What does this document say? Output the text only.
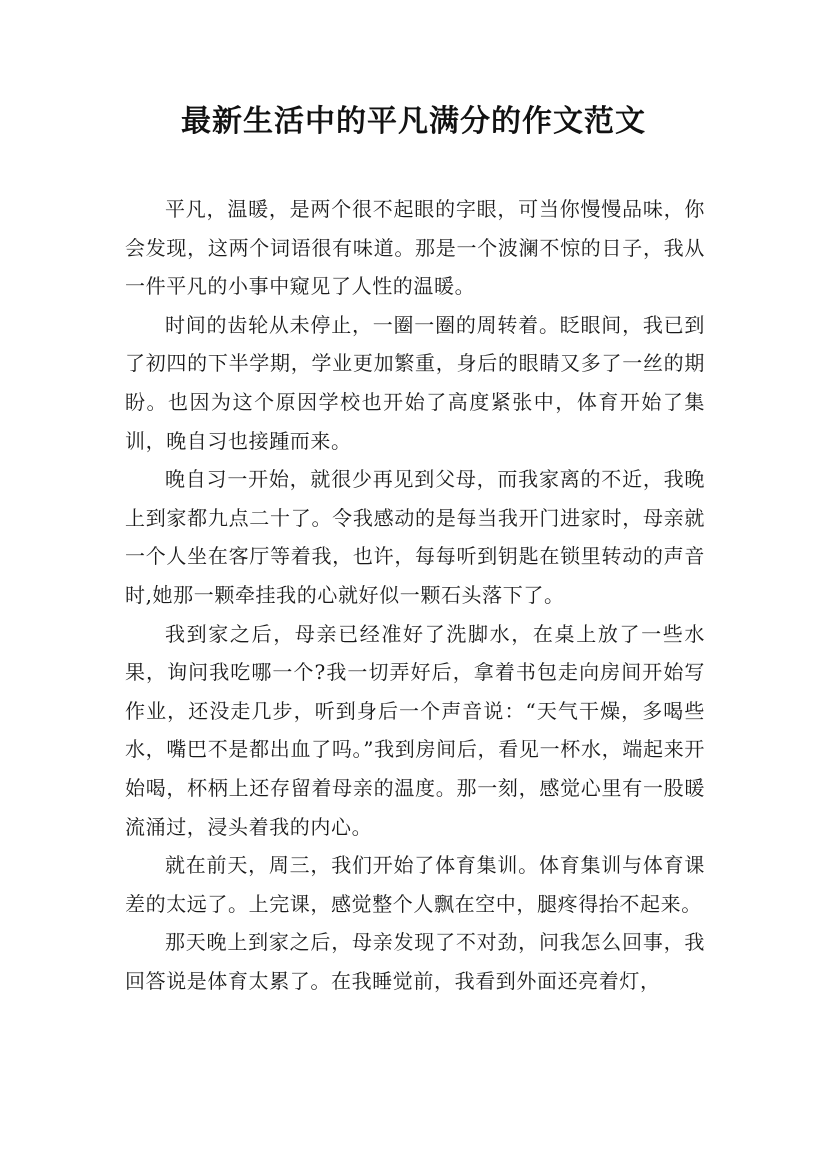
最新生活中的平凡满分的作文范文

平凡，温暖，是两个很不起眼的字眼，可当你慢慢品味，你会发现，这两个词语很有味道。那是一个波澜不惊的日子，我从一件平凡的小事中窥见了人性的温暖。

时间的齿轮从未停止，一圈一圈的周转着。眨眼间，我已到了初四的下半学期，学业更加繁重，身后的眼睛又多了一丝的期盼。也因为这个原因学校也开始了高度紧张中，体育开始了集训，晚自习也接踵而来。

晚自习一开始，就很少再见到父母，而我家离的不近，我晚上到家都九点二十了。令我感动的是每当我开门进家时，母亲就一个人坐在客厅等着我，也许，每每听到钥匙在锁里转动的声音时,她那一颗牵挂我的心就好似一颗石头落下了。

我到家之后，母亲已经准好了洗脚水，在桌上放了一些水果，询问我吃哪一个?我一切弄好后，拿着书包走向房间开始写作业，还没走几步，听到身后一个声音说：“天气干燥，多喝些水，嘴巴不是都出血了吗。”我到房间后，看见一杯水，端起来开始喝，杯柄上还存留着母亲的温度。那一刻，感觉心里有一股暖流涌过，浸头着我的内心。

就在前天，周三，我们开始了体育集训。体育集训与体育课差的太远了。上完课，感觉整个人飘在空中，腿疼得抬不起来。

那天晚上到家之后，母亲发现了不对劲，问我怎么回事，我回答说是体育太累了。在我睡觉前，我看到外面还亮着灯，
